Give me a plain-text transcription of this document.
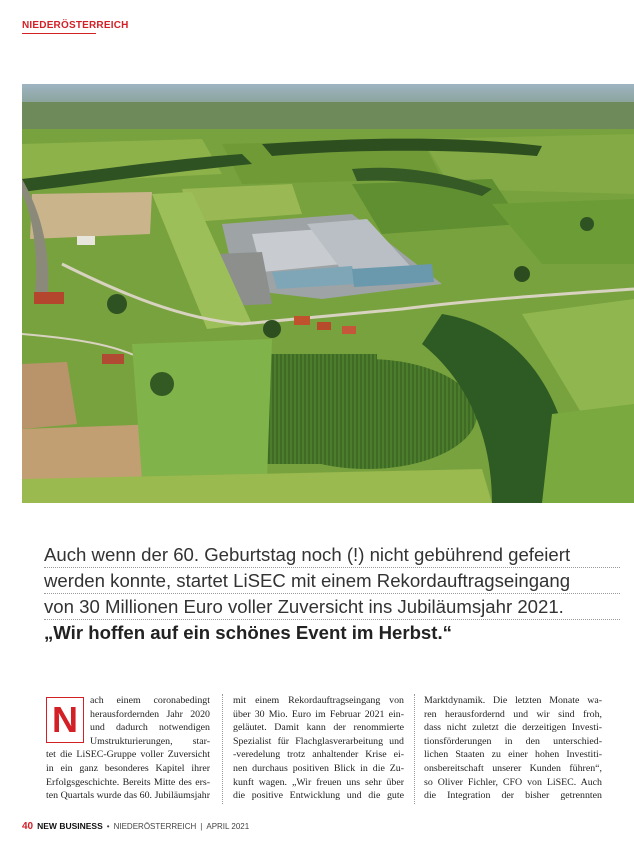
NIEDERÖSTERREICH
Auch wenn der 60. Geburtstag noch (!) nicht gebührend gefeiert
werden konnte, startet LiSEC mit einem Rekordauftragseingang
von 30 Millionen Euro voller Zuversicht ins Jubiläumsjahr 2021.
„Wir hoffen auf ein schönes Event im Herbst.“
N	ach einem coronabedingt
herausfordernden Jahr 2020
und dadurch notwendigen
Umstrukturierungen, star-
tet die LiSEC-Gruppe voller Zuversicht
in ein ganz besonderes Kapitel ihrer
Erfolgsgeschichte. Bereits Mitte des ers-
ten Quartals wurde das 60. Jubiläumsjahr
mit einem Rekordauftragseingang von
über 30 Mio. Euro im Februar 2021 ein-
geläutet. Damit kann der renommierte
Spezialist für Flachglasverarbeitung und
-veredelung trotz anhaltender Krise ei-
nen durchaus positiven Blick in die Zu-
kunft wagen. „Wir freuen uns sehr über
die positive Entwicklung und die gute
Marktdynamik. Die letzten Monate wa-
ren herausfordernd und wir sind froh,
dass nicht zuletzt die derzeitigen Investi-
tionsförderungen in den unterschied-
lichen Staaten zu einer hohen Investiti-
onsbereitschaft unserer Kunden führen“,
so Oliver Fichler, CFO von LiSEC. Auch
die Integration der bisher getrennten
40 NEW BUSINESS • NIEDERÖSTERREICH | APRIL 2021
